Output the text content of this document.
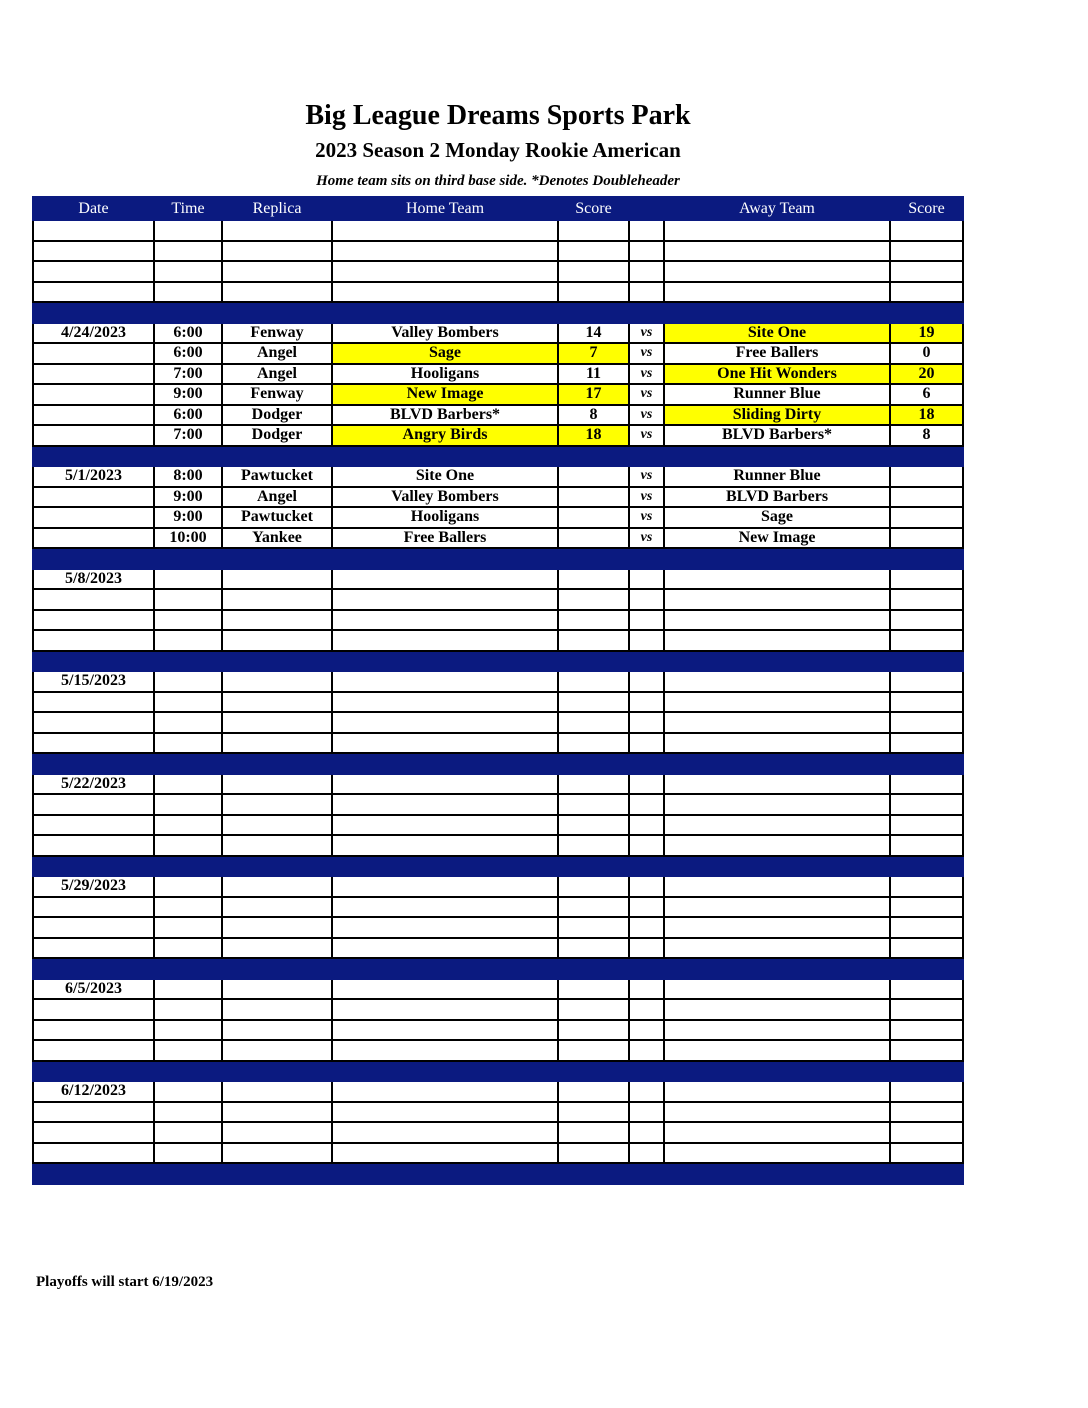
Big League Dreams Sports Park
2023 Season 2 Monday Rookie American
Home team sits on third base side. *Denotes Doubleheader
Date	Time	Replica	Home Team	Score		Away Team	Score

4/24/2023	6:00	Fenway	Valley Bombers	14	vs	Site One	19
	6:00	Angel	Sage	7	vs	Free Ballers	0
	7:00	Angel	Hooligans	11	vs	One Hit Wonders	20
	9:00	Fenway	New Image	17	vs	Runner Blue	6
	6:00	Dodger	BLVD Barbers*	8	vs	Sliding Dirty	18
	7:00	Dodger	Angry Birds	18	vs	BLVD Barbers*	8

5/1/2023	8:00	Pawtucket	Site One		vs	Runner Blue	
	9:00	Angel	Valley Bombers		vs	BLVD Barbers	
	9:00	Pawtucket	Hooligans		vs	Sage	
	10:00	Yankee	Free Ballers		vs	New Image	

5/8/2023							

5/15/2023							

5/22/2023							

5/29/2023							

6/5/2023							

6/12/2023							

Playoffs will start 6/19/2023
